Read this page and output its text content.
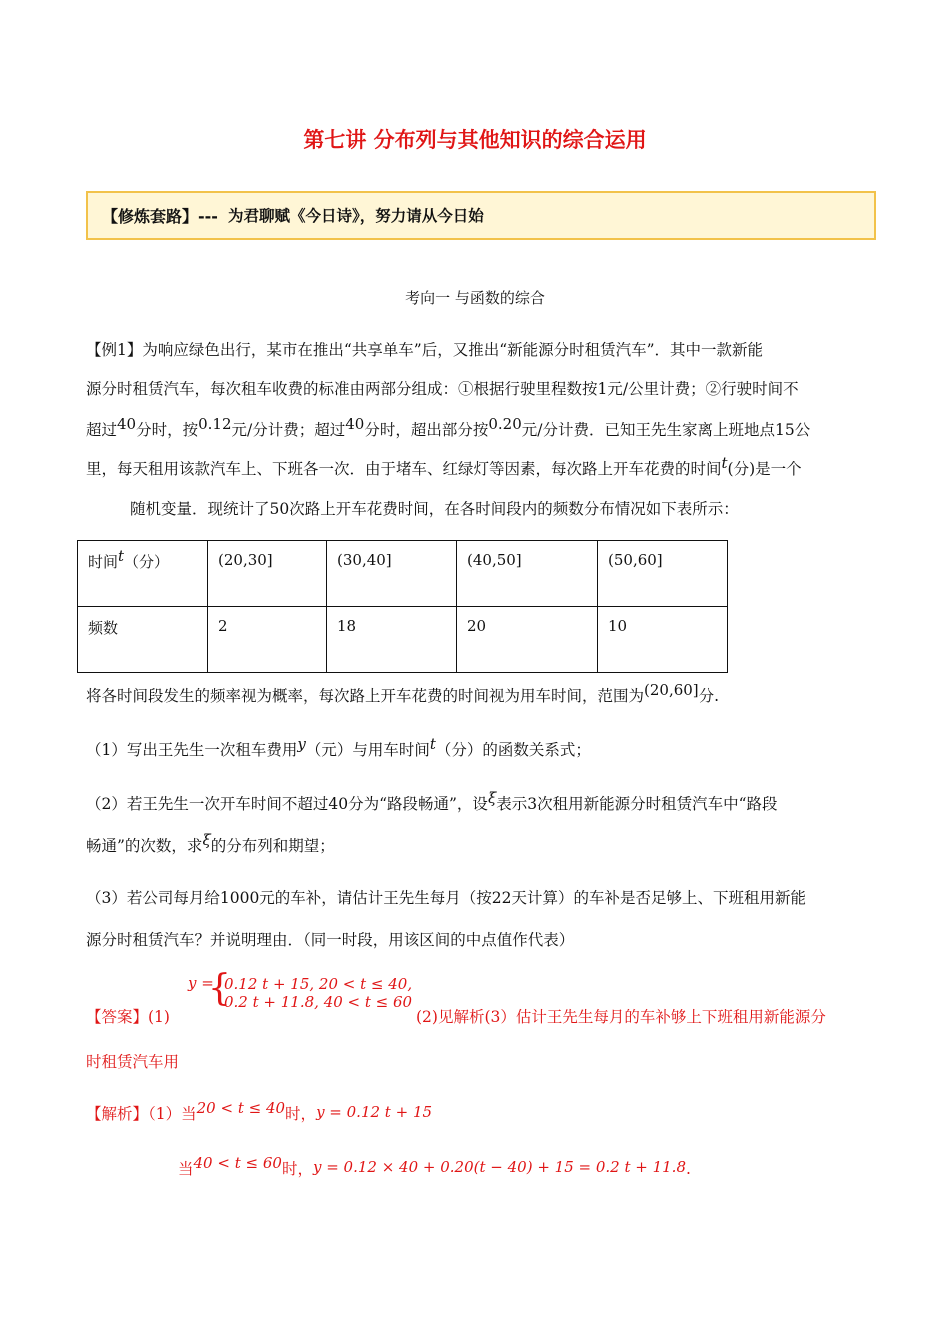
第七讲 分布列与其他知识的综合运用
【修炼套路】--- 为君聊赋《今日诗》，努力请从今日始
考向一 与函数的综合
【例1】为响应绿色出行，某市在推出“共享单车”后，又推出“新能源分时租赁汽车”．其中一款新能
源分时租赁汽车，每次租车收费的标准由两部分组成：①根据行驶里程数按1元/公里计费；②行驶时间不
超过40分时，按0.12元/分计费；超过40分时，超出部分按0.20元/分计费．已知王先生家离上班地点15公
里，每天租用该款汽车上、下班各一次．由于堵车、红绿灯等因素，每次路上开车花费的时间t(分)是一个
随机变量．现统计了50次路上开车花费时间，在各时间段内的频数分布情况如下表所示：
时间t（分）	(20,30]	(30,40]	(40,50]	(50,60]
频数	2	18	20	10
将各时间段发生的频率视为概率，每次路上开车花费的时间视为用车时间，范围为(20,60]分.
（1）写出王先生一次租车费用y（元）与用车时间t（分）的函数关系式；
（2）若王先生一次开车时间不超过40分为“路段畅通”，设ξ表示3次租用新能源分时租赁汽车中“路段
畅通”的次数，求ξ的分布列和期望；
（3）若公司每月给1000元的车补，请估计王先生每月（按22天计算）的车补是否足够上、下班租用新能
源分时租赁汽车？并说明理由．（同一时段，用该区间的中点值作代表）
【答案】(1)
y =
{
0.12 t + 15, 20 < t ≤ 40,
0.2 t + 11.8, 40 < t ≤ 60
(2)见解析(3）估计王先生每月的车补够上下班租用新能源分
时租赁汽车用
【解析】（1）当20 < t ≤ 40时，y = 0.12 t + 15
当40 < t ≤ 60时，y = 0.12 × 40 + 0.20(t − 40) + 15 = 0.2 t + 11.8.
